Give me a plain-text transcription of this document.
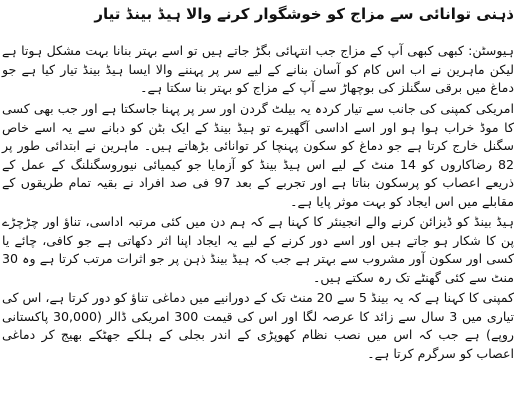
ذہنی توانائی سے مزاج کو خوشگوار کرنے والا ہیڈ بینڈ تیار

ہیوسٹن: کبھی کبھی آپ کے مزاج جب انتہائی بگڑ جاتے ہیں تو اسے بہتر بنانا بہت مشکل ہوتا ہے لیکن ماہرین نے اب اس کام کو آسان بنانے کے لیے سر پر پہننے والا ایسا ہیڈ بینڈ تیار کیا ہے جو دماغ میں برقی سگنلز کی بوچھاڑ سے آپ کے مزاج کو بہتر بنا سکتا ہے۔

امریکی کمپنی کی جانب سے تیار کردہ یہ بیلٹ گردن اور سر پر پہنا جاسکتا ہے اور جب بھی کسی کا موڈ خراب ہوا ہو اور اسے اداسی آگھیرے تو ہیڈ بینڈ کے ایک بٹن کو دبانے سے یہ اسے خاص سگنل خارج کرتا ہے جو دماغ کو سکون پہنچا کر توانائی بڑھاتے ہیں۔ ماہرین نے ابتدائی طور پر 82 رضاکاروں کو 14 منٹ کے لیے اس ہیڈ بینڈ کو آزمایا جو کیمیائی نیوروسگنلنگ کے عمل کے ذریعے اعصاب کو پرسکون بناتا ہے اور تجربے کے بعد 97 فی صد افراد نے بقیہ تمام طریقوں کے مقابلے میں اس ایجاد کو بہت موثر پایا ہے۔

ہیڈ بینڈ کو ڈیزائن کرنے والے انجینئر کا کہنا ہے کہ ہم دن میں کئی مرتبہ اداسی، تناؤ اور چڑچڑے پن کا شکار ہو جاتے ہیں اور اسے دور کرنے کے لیے یہ ایجاد اپنا اثر دکھاتی ہے جو کافی، چائے یا کسی اور سکون آور مشروب سے بہتر ہے جب کہ ہیڈ بینڈ ذہن پر جو اثرات مرتب کرتا ہے وہ 30 منٹ سے کئی گھنٹے تک رہ سکتے ہیں۔

کمپنی کا کہنا ہے کہ یہ بینڈ 5 سے 20 منٹ تک کے دورانیے میں دماغی تناؤ کو دور کرتا ہے، اس کی تیاری میں 3 سال سے زائد کا عرصہ لگا اور اس کی قیمت 300 امریکی ڈالر (30,000 پاکستانی روپے) ہے جب کہ اس میں نصب نظام کھوپڑی کے اندر بجلی کے ہلکے جھٹکے بھیج کر دماغی اعصاب کو سرگرم کرتا ہے۔
